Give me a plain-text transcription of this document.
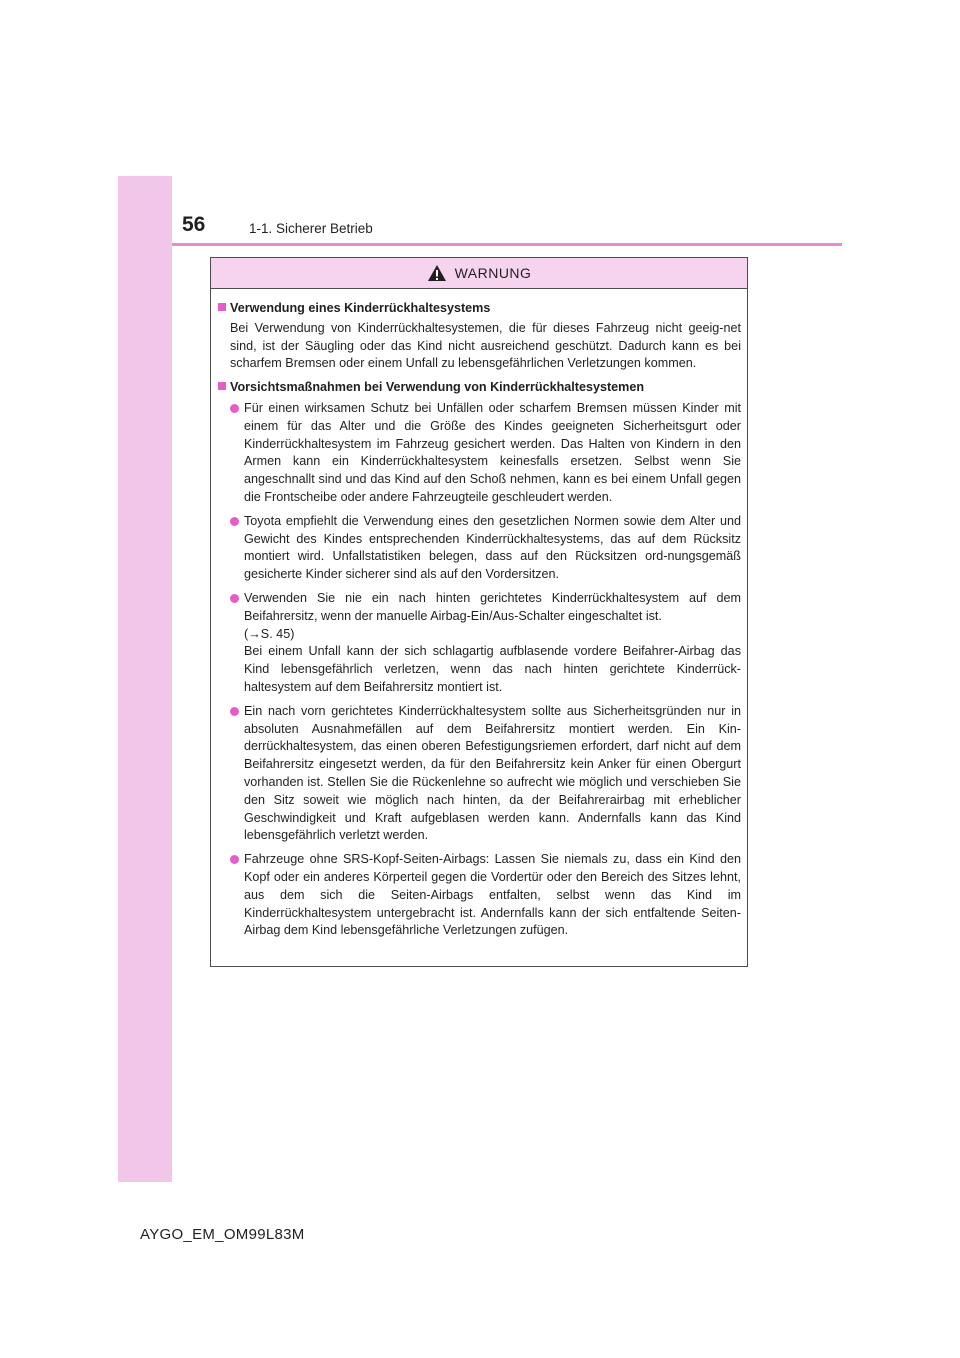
56	1-1. Sicherer Betrieb
WARNUNG
Verwendung eines Kinderrückhaltesystems
Bei Verwendung von Kinderrückhaltesystemen, die für dieses Fahrzeug nicht geeig-net sind, ist der Säugling oder das Kind nicht ausreichend geschützt. Dadurch kann es bei scharfem Bremsen oder einem Unfall zu lebensgefährlichen Verletzungen kommen.
Vorsichtsmaßnahmen bei Verwendung von Kinderrückhaltesystemen
Für einen wirksamen Schutz bei Unfällen oder scharfem Bremsen müssen Kinder mit einem für das Alter und die Größe des Kindes geeigneten Sicherheitsgurt oder Kinderrückhaltesystem im Fahrzeug gesichert werden. Das Halten von Kindern in den Armen kann ein Kinderrückhaltesystem keinesfalls ersetzen. Selbst wenn Sie angeschnallt sind und das Kind auf den Schoß nehmen, kann es bei einem Unfall gegen die Frontscheibe oder andere Fahrzeugteile geschleudert werden.
Toyota empfiehlt die Verwendung eines den gesetzlichen Normen sowie dem Alter und Gewicht des Kindes entsprechenden Kinderrückhaltesystems, das auf dem Rücksitz montiert wird. Unfallstatistiken belegen, dass auf den Rücksitzen ord-nungsgemäß gesicherte Kinder sicherer sind als auf den Vordersitzen.
Verwenden Sie nie ein nach hinten gerichtetes Kinderrückhaltesystem auf dem Beifahrersitz, wenn der manuelle Airbag-Ein/Aus-Schalter eingeschaltet ist.
(→S. 45)
Bei einem Unfall kann der sich schlagartig aufblasende vordere Beifahrer-Airbag das Kind lebensgefährlich verletzen, wenn das nach hinten gerichtete Kinderrück-haltesystem auf dem Beifahrersitz montiert ist.
Ein nach vorn gerichtetes Kinderrückhaltesystem sollte aus Sicherheitsgründen nur in absoluten Ausnahmefällen auf dem Beifahrersitz montiert werden. Ein Kin-derrückhaltesystem, das einen oberen Befestigungsriemen erfordert, darf nicht auf dem Beifahrersitz eingesetzt werden, da für den Beifahrersitz kein Anker für einen Obergurt vorhanden ist. Stellen Sie die Rückenlehne so aufrecht wie möglich und verschieben Sie den Sitz soweit wie möglich nach hinten, da der Beifahrerairbag mit erheblicher Geschwindigkeit und Kraft aufgeblasen werden kann. Andernfalls kann das Kind lebensgefährlich verletzt werden.
Fahrzeuge ohne SRS-Kopf-Seiten-Airbags: Lassen Sie niemals zu, dass ein Kind den Kopf oder ein anderes Körperteil gegen die Vordertür oder den Bereich des Sitzes lehnt, aus dem sich die Seiten-Airbags entfalten, selbst wenn das Kind im Kinderrückhaltesystem untergebracht ist. Andernfalls kann der sich entfaltende Seiten-Airbag dem Kind lebensgefährliche Verletzungen zufügen.
AYGO_EM_OM99L83M
